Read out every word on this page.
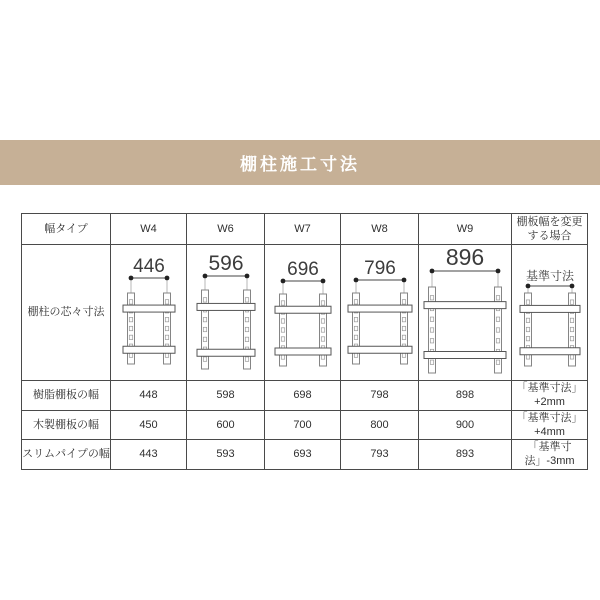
棚柱施工寸法
幅タイプ	W4	W6	W7	W8	W9	棚板幅を変更する場合
棚柱の芯々寸法	446	596	696	796	896	基準寸法

樹脂棚板の幅	448	598	698	798	898	「基準寸法」+2mm
木製棚板の幅	450	600	700	800	900	「基準寸法」+4mm
スリムパイプの幅	443	593	693	793	893	「基準寸法」-3mm
